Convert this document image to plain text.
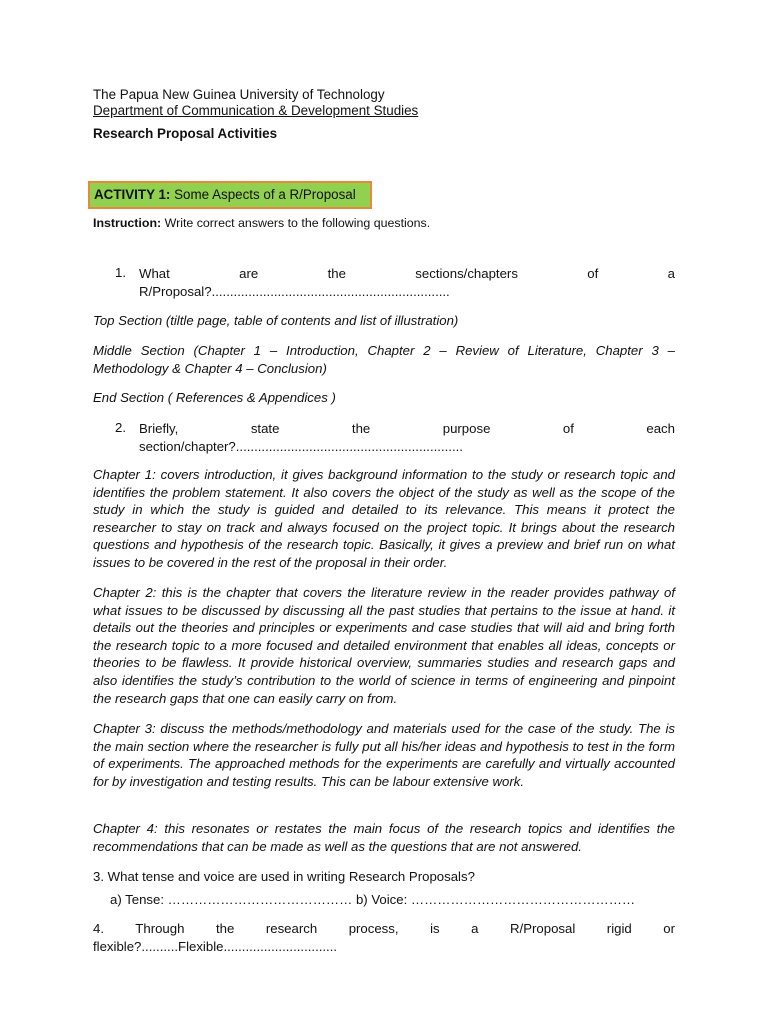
The Papua New Guinea University of Technology
Department of Communication & Development Studies
Research Proposal Activities
ACTIVITY 1: Some Aspects of a R/Proposal
Instruction: Write correct answers to the following questions.
1. What are the sections/chapters of a
R/Proposal?.................................................................
Top Section (tiltle page, table of contents and list of illustration)
Middle Section (Chapter 1 – Introduction, Chapter 2 – Review of Literature, Chapter 3 – Methodology & Chapter 4 – Conclusion)
End Section ( References & Appendices )
2. Briefly, state the purpose of each
section/chapter?..............................................................
Chapter 1: covers introduction, it gives background information to the study or research topic and identifies the problem statement. It also covers the object of the study as well as the scope of the study in which the study is guided and detailed to its relevance. This means it protect the researcher to stay on track and always focused on the project topic. It brings about the research questions and hypothesis of the research topic. Basically, it gives a preview and brief run on what issues to be covered in the rest of the proposal in their order.
Chapter 2: this is the chapter that covers the literature review in the reader provides pathway of what issues to be discussed by discussing all the past studies that pertains to the issue at hand. it details out the theories and principles or experiments and case studies that will aid and bring forth the research topic to a more focused and detailed environment that enables all ideas, concepts or theories to be flawless. It provide historical overview, summaries studies and research gaps and also identifies the study’s contribution to the world of science in terms of engineering and pinpoint the research gaps that one can easily carry on from.
Chapter 3: discuss the methods/methodology and materials used for the case of the study. The is the main section where the researcher is fully put all his/her ideas and hypothesis to test in the form of experiments. The approached methods for the experiments are carefully and virtually accounted for by investigation and testing results. This can be labour extensive work.
Chapter 4: this resonates or restates the main focus of the research topics and identifies the recommendations that can be made as well as the questions that are not answered.
3. What tense and voice are used in writing Research Proposals?
a) Tense: …………………………………… b) Voice: ……………………………………………
4. Through the research process, is a R/Proposal rigid or
flexible?..........Flexible...............................
